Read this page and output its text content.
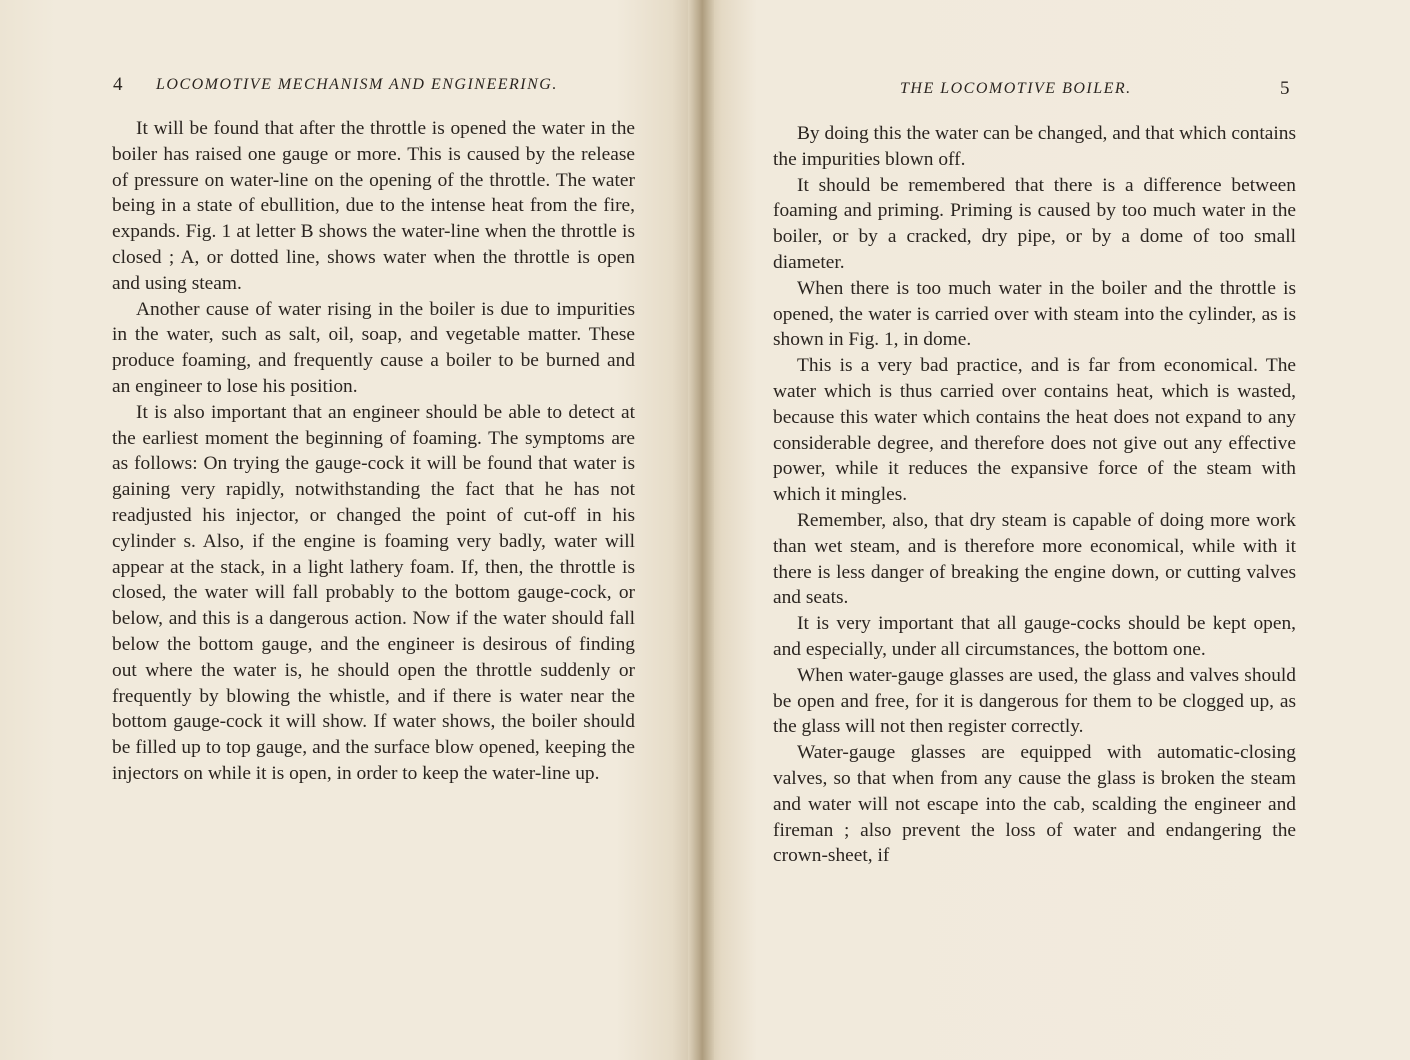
4 LOCOMOTIVE MECHANISM AND ENGINEERING.

It will be found that after the throttle is opened the water in the boiler has raised one gauge or more. This is caused by the release of pressure on water-line on the opening of the throttle. The water being in a state of ebullition, due to the intense heat from the fire, expands. Fig. 1 at letter B shows the water-line when the throttle is closed ; A, or dotted line, shows water when the throttle is open and using steam.

Another cause of water rising in the boiler is due to impurities in the water, such as salt, oil, soap, and vegetable matter. These produce foaming, and frequently cause a boiler to be burned and an engineer to lose his position.

It is also important that an engineer should be able to detect at the earliest moment the beginning of foaming. The symptoms are as follows: On trying the gauge-cock it will be found that water is gaining very rapidly, notwithstanding the fact that he has not readjusted his injector, or changed the point of cut-off in his cylinder s. Also, if the engine is foaming very badly, water will appear at the stack, in a light lathery foam. If, then, the throttle is closed, the water will fall probably to the bottom gauge-cock, or below, and this is a dangerous action. Now if the water should fall below the bottom gauge, and the engineer is desirous of finding out where the water is, he should open the throttle suddenly or frequently by blowing the whistle, and if there is water near the bottom gauge-cock it will show. If water shows, the boiler should be filled up to top gauge, and the surface blow opened, keeping the injectors on while it is open, in order to keep the water-line up.

THE LOCOMOTIVE BOILER.	5

By doing this the water can be changed, and that which contains the impurities blown off.

It should be remembered that there is a difference between foaming and priming. Priming is caused by too much water in the boiler, or by a cracked, dry pipe, or by a dome of too small diameter.

When there is too much water in the boiler and the throttle is opened, the water is carried over with steam into the cylinder, as is shown in Fig. 1, in dome.

This is a very bad practice, and is far from economical. The water which is thus carried over contains heat, which is wasted, because this water which contains the heat does not expand to any considerable degree, and therefore does not give out any effective power, while it reduces the expansive force of the steam with which it mingles.

Remember, also, that dry steam is capable of doing more work than wet steam, and is therefore more economical, while with it there is less danger of breaking the engine down, or cutting valves and seats.

It is very important that all gauge-cocks should be kept open, and especially, under all circumstances, the bottom one.

When water-gauge glasses are used, the glass and valves should be open and free, for it is dangerous for them to be clogged up, as the glass will not then register correctly.

Water-gauge glasses are equipped with automatic-closing valves, so that when from any cause the glass is broken the steam and water will not escape into the cab, scalding the engineer and fireman ; also prevent the loss of water and endangering the crown-sheet, if
